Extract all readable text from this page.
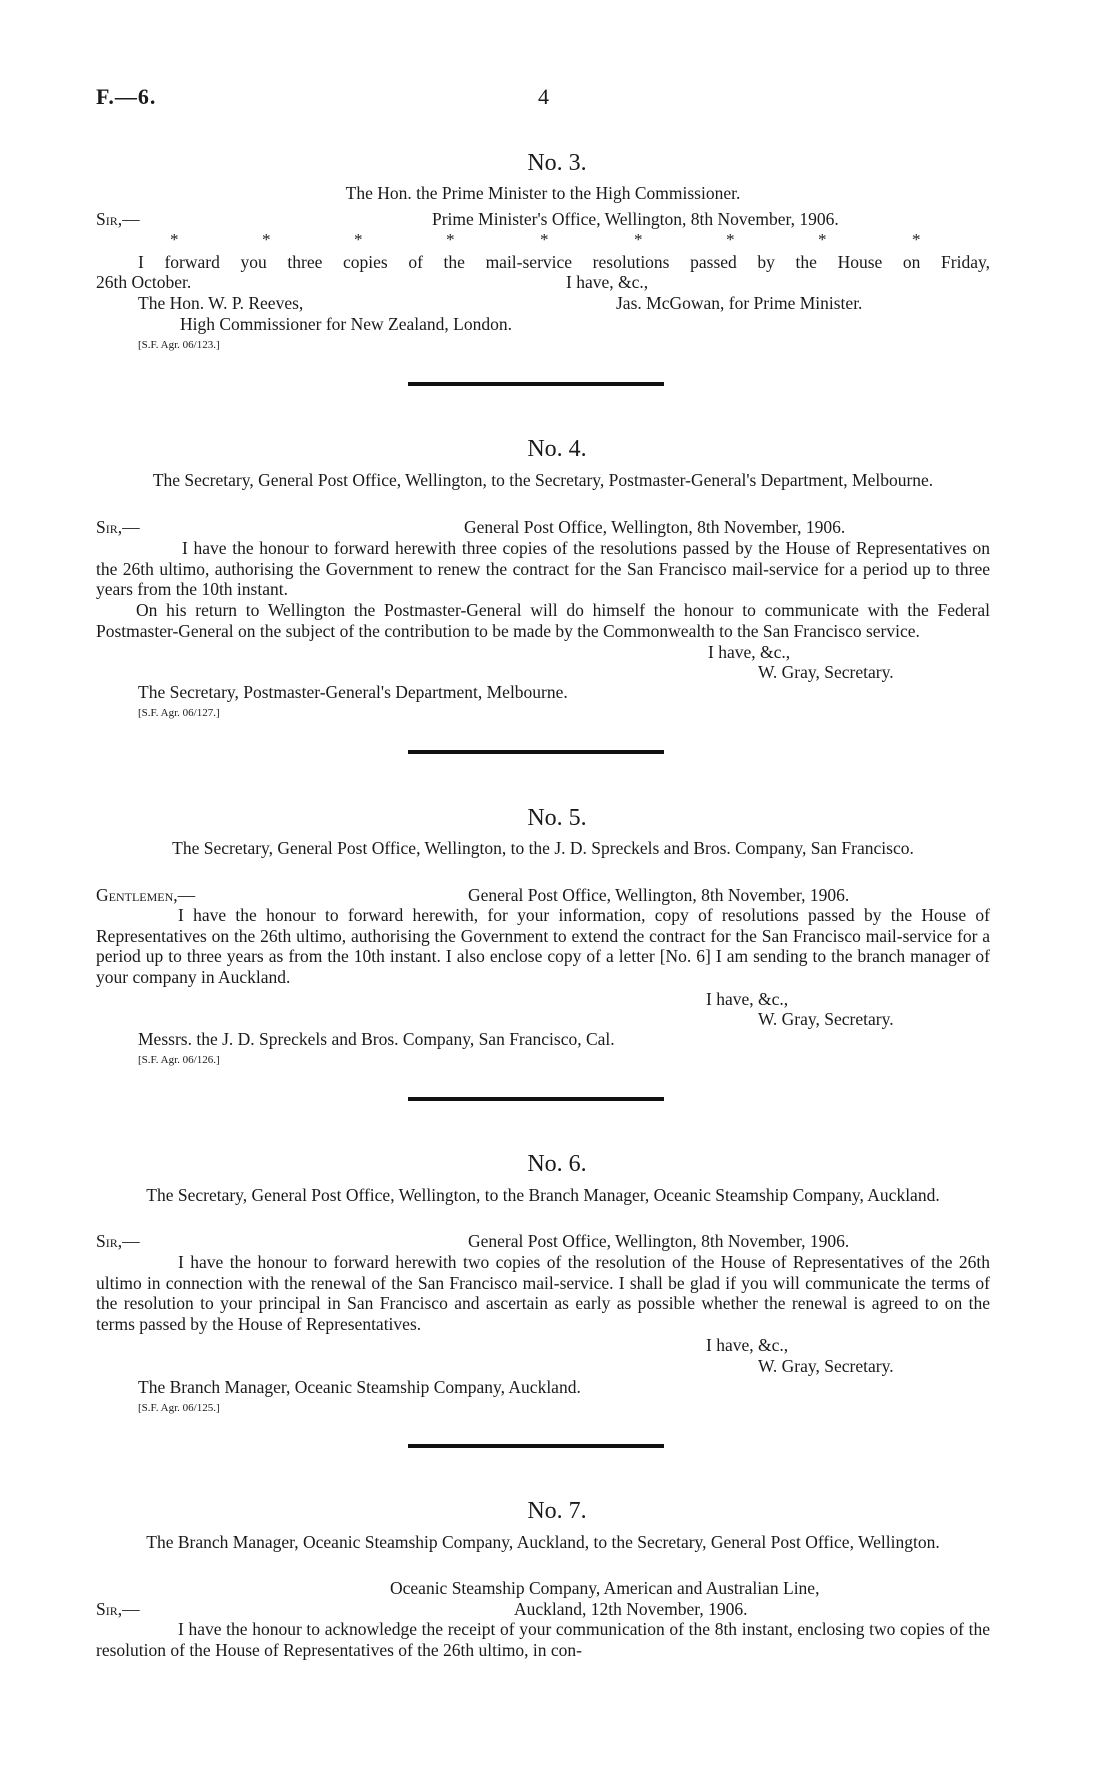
F.—6.	4
No. 3.
The Hon. the Prime Minister to the High Commissioner.
Sir,—	Prime Minister's Office, Wellington, 8th November, 1906.
*	*	*	*	*	*	*	*	*
I forward you three copies of the mail-service resolutions passed by the House on Friday,
26th October.	I have, &c.,
The Hon. W. P. Reeves,	Jas. McGowan, for Prime Minister.
High Commissioner for New Zealand, London.
[S.F. Agr. 06/123.]
No. 4.
The Secretary, General Post Office, Wellington, to the Secretary, Postmaster-General's Department, Melbourne.
Sir,—	General Post Office, Wellington, 8th November, 1906.
I have the honour to forward herewith three copies of the resolutions passed by the House of Representatives on the 26th ultimo, authorising the Government to renew the contract for the San Francisco mail-service for a period up to three years from the 10th instant.
On his return to Wellington the Postmaster-General will do himself the honour to communicate with the Federal Postmaster-General on the subject of the contribution to be made by the Commonwealth to the San Francisco service.
I have, &c.,
W. Gray, Secretary.
The Secretary, Postmaster-General's Department, Melbourne.
[S.F. Agr. 06/127.]
No. 5.
The Secretary, General Post Office, Wellington, to the J. D. Spreckels and Bros. Company, San Francisco.
Gentlemen,—	General Post Office, Wellington, 8th November, 1906.
I have the honour to forward herewith, for your information, copy of resolutions passed by the House of Representatives on the 26th ultimo, authorising the Government to extend the contract for the San Francisco mail-service for a period up to three years as from the 10th instant. I also enclose copy of a letter [No. 6] I am sending to the branch manager of your company in Auckland.
I have, &c.,
W. Gray, Secretary.
Messrs. the J. D. Spreckels and Bros. Company, San Francisco, Cal.
[S.F. Agr. 06/126.]
No. 6.
The Secretary, General Post Office, Wellington, to the Branch Manager, Oceanic Steamship Company, Auckland.
Sir,—	General Post Office, Wellington, 8th November, 1906.
I have the honour to forward herewith two copies of the resolution of the House of Representatives of the 26th ultimo in connection with the renewal of the San Francisco mail-service. I shall be glad if you will communicate the terms of the resolution to your principal in San Francisco and ascertain as early as possible whether the renewal is agreed to on the terms passed by the House of Representatives.
I have, &c.,
W. Gray, Secretary.
The Branch Manager, Oceanic Steamship Company, Auckland.
[S.F. Agr. 06/125.]
No. 7.
The Branch Manager, Oceanic Steamship Company, Auckland, to the Secretary, General Post Office, Wellington.
Oceanic Steamship Company, American and Australian Line,
Sir,—	Auckland, 12th November, 1906.
I have the honour to acknowledge the receipt of your communication of the 8th instant, enclosing two copies of the resolution of the House of Representatives of the 26th ultimo, in con-
